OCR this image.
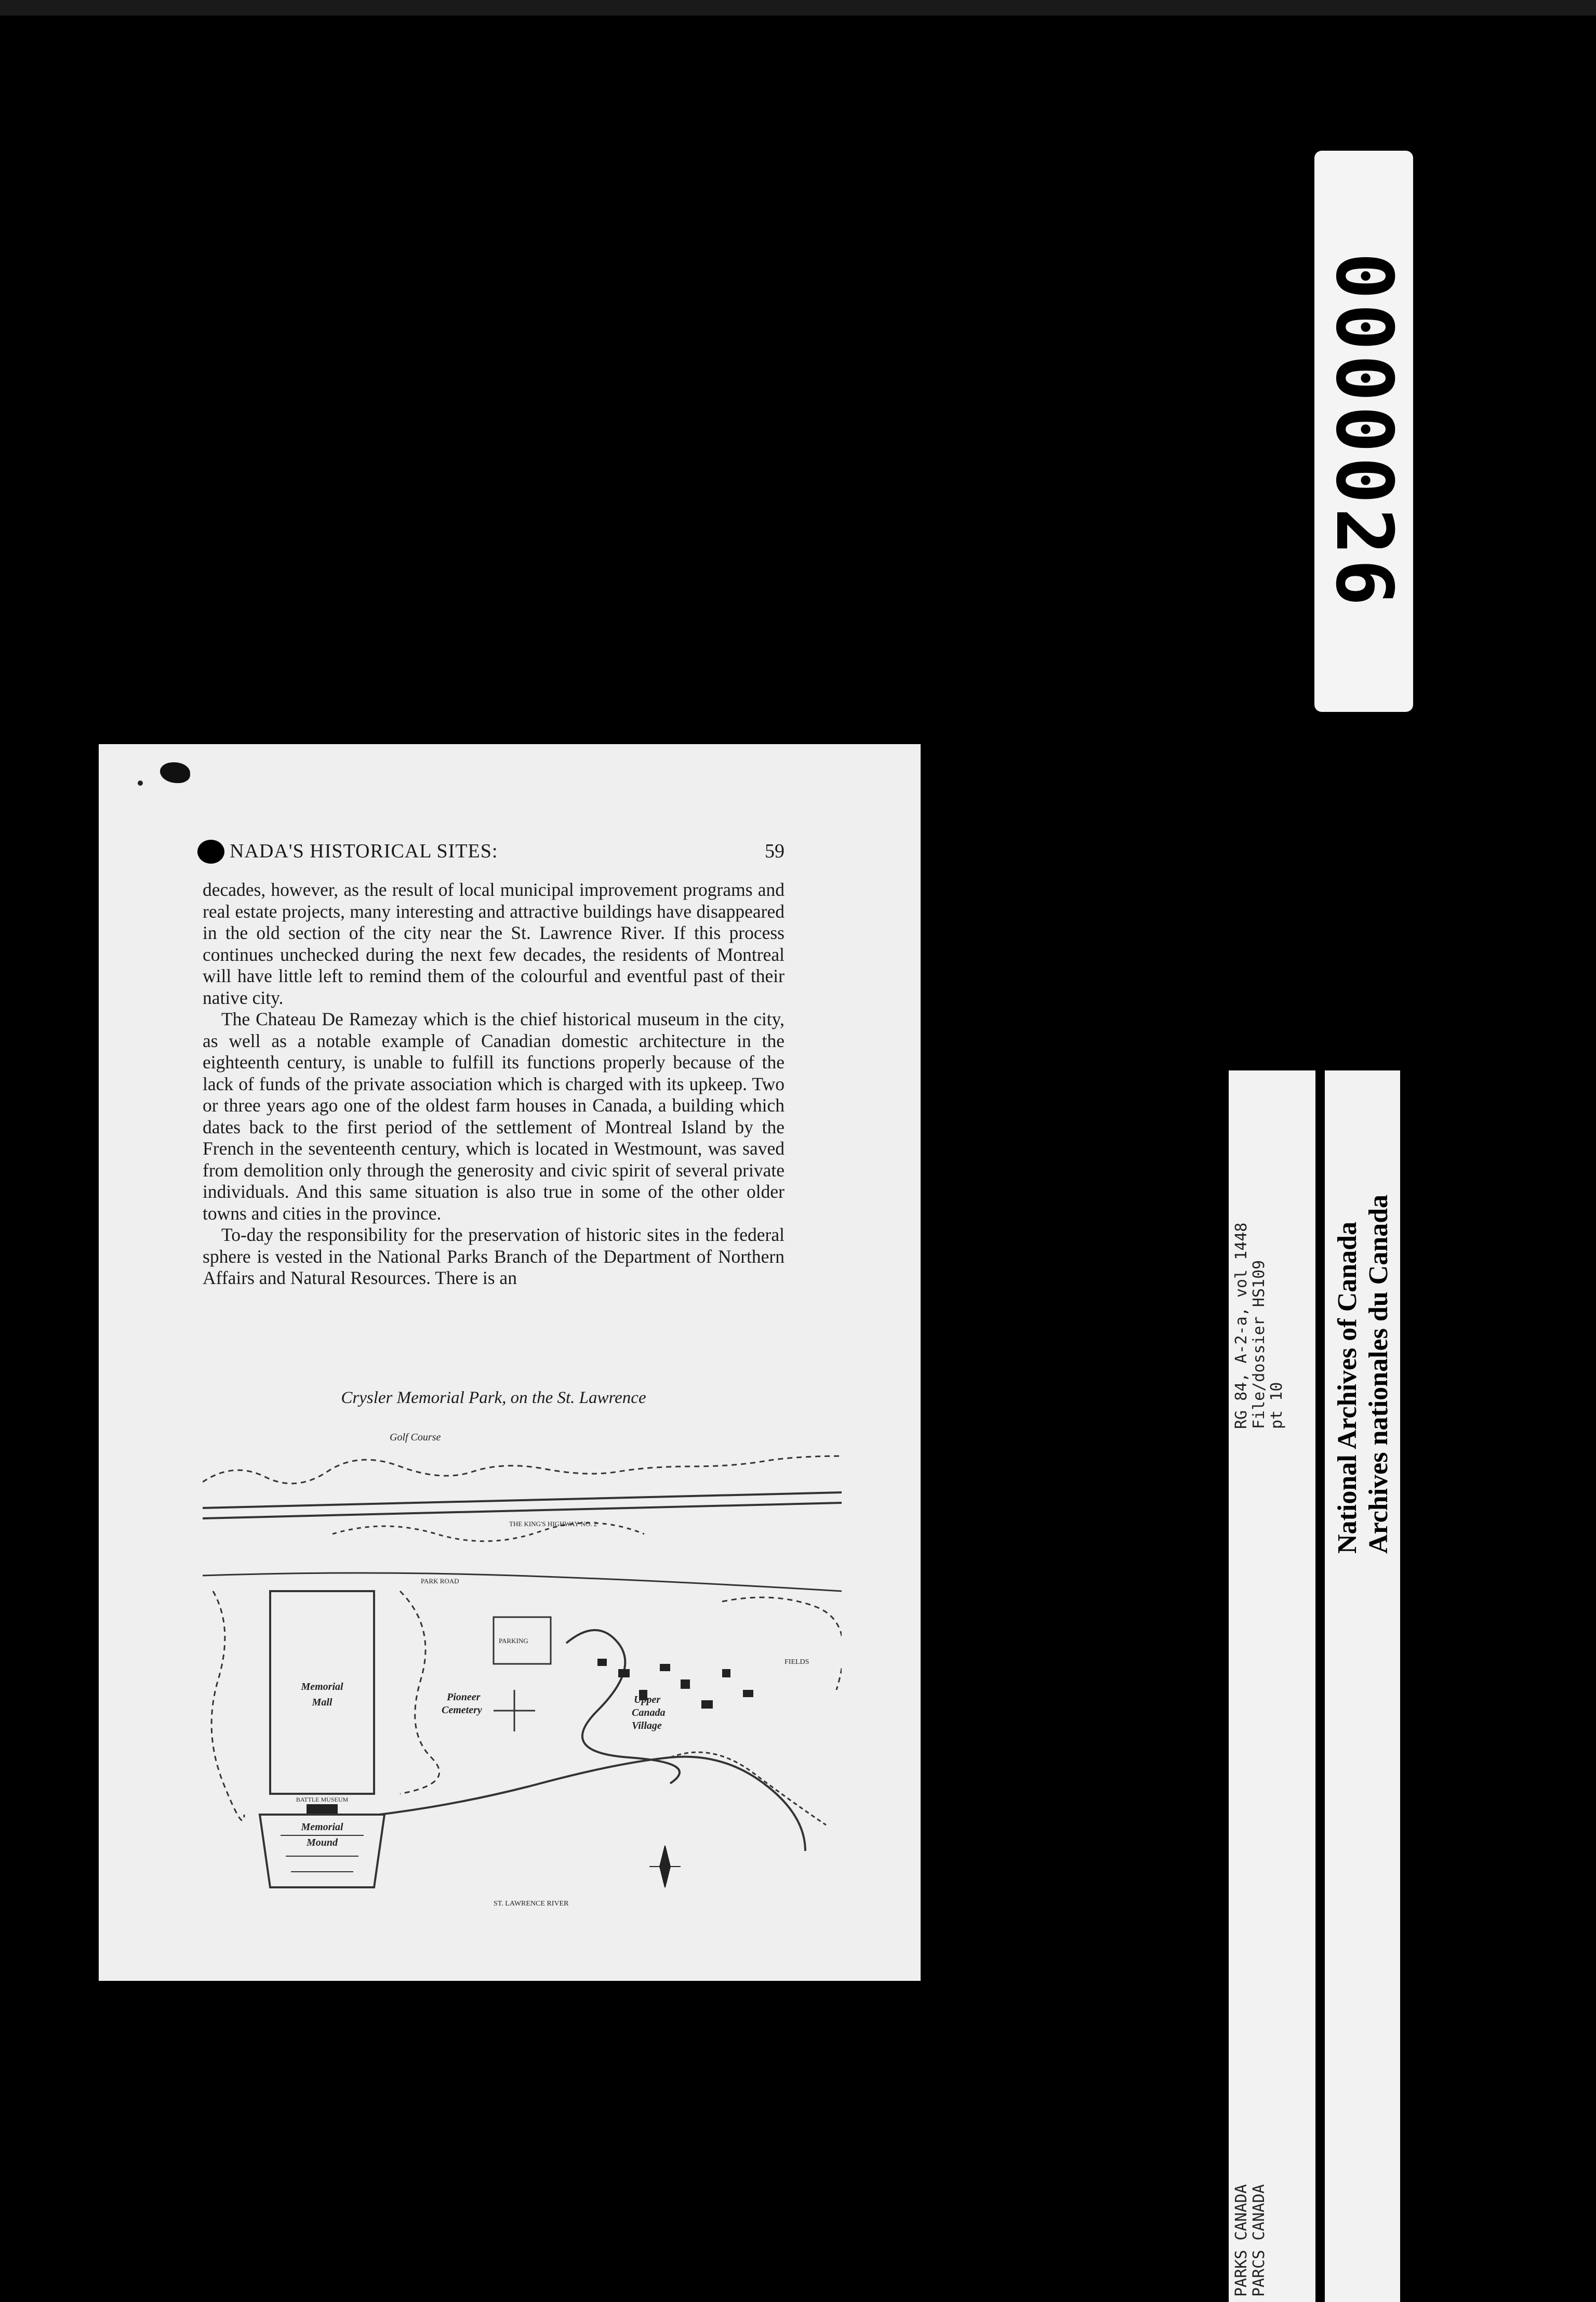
0000026
NADA'S HISTORICAL SITES:	59

decades, however, as the result of local municipal improvement programs and real estate projects, many interesting and attractive buildings have disappeared in the old section of the city near the St. Lawrence River. If this process continues unchecked during the next few decades, the residents of Montreal will have little left to remind them of the colourful and eventful past of their native city.

The Chateau De Ramezay which is the chief historical museum in the city, as well as a notable example of Canadian domestic architecture in the eighteenth century, is unable to fulfill its functions properly because of the lack of funds of the private association which is charged with its upkeep. Two or three years ago one of the oldest farm houses in Canada, a building which dates back to the first period of the settlement of Montreal Island by the French in the seventeenth century, which is located in Westmount, was saved from demolition only through the generosity and civic spirit of several private individuals. And this same situation is also true in some of the other older towns and cities in the province.

To-day the responsibility for the preservation of historic sites in the federal sphere is vested in the National Parks Branch of the Department of Northern Affairs and Natural Resources. There is an

Crysler Memorial Park, on the St. Lawrence
Golf Course
THE KING'S HIGHWAY NO. 2
PARK ROAD
Memorial
Mall
BATTLE MUSEUM
Memorial
Mound
PARKING
Pioneer
Cemetery
Upper
Canada
Village
FIELDS
ST. LAWRENCE RIVER
PARKS CANADA PARCS CANADA
RG 84, A-2-a, vol 1448 File/dossier HS109 pt 10 National Archives of Canada Archives nationales du Canada
